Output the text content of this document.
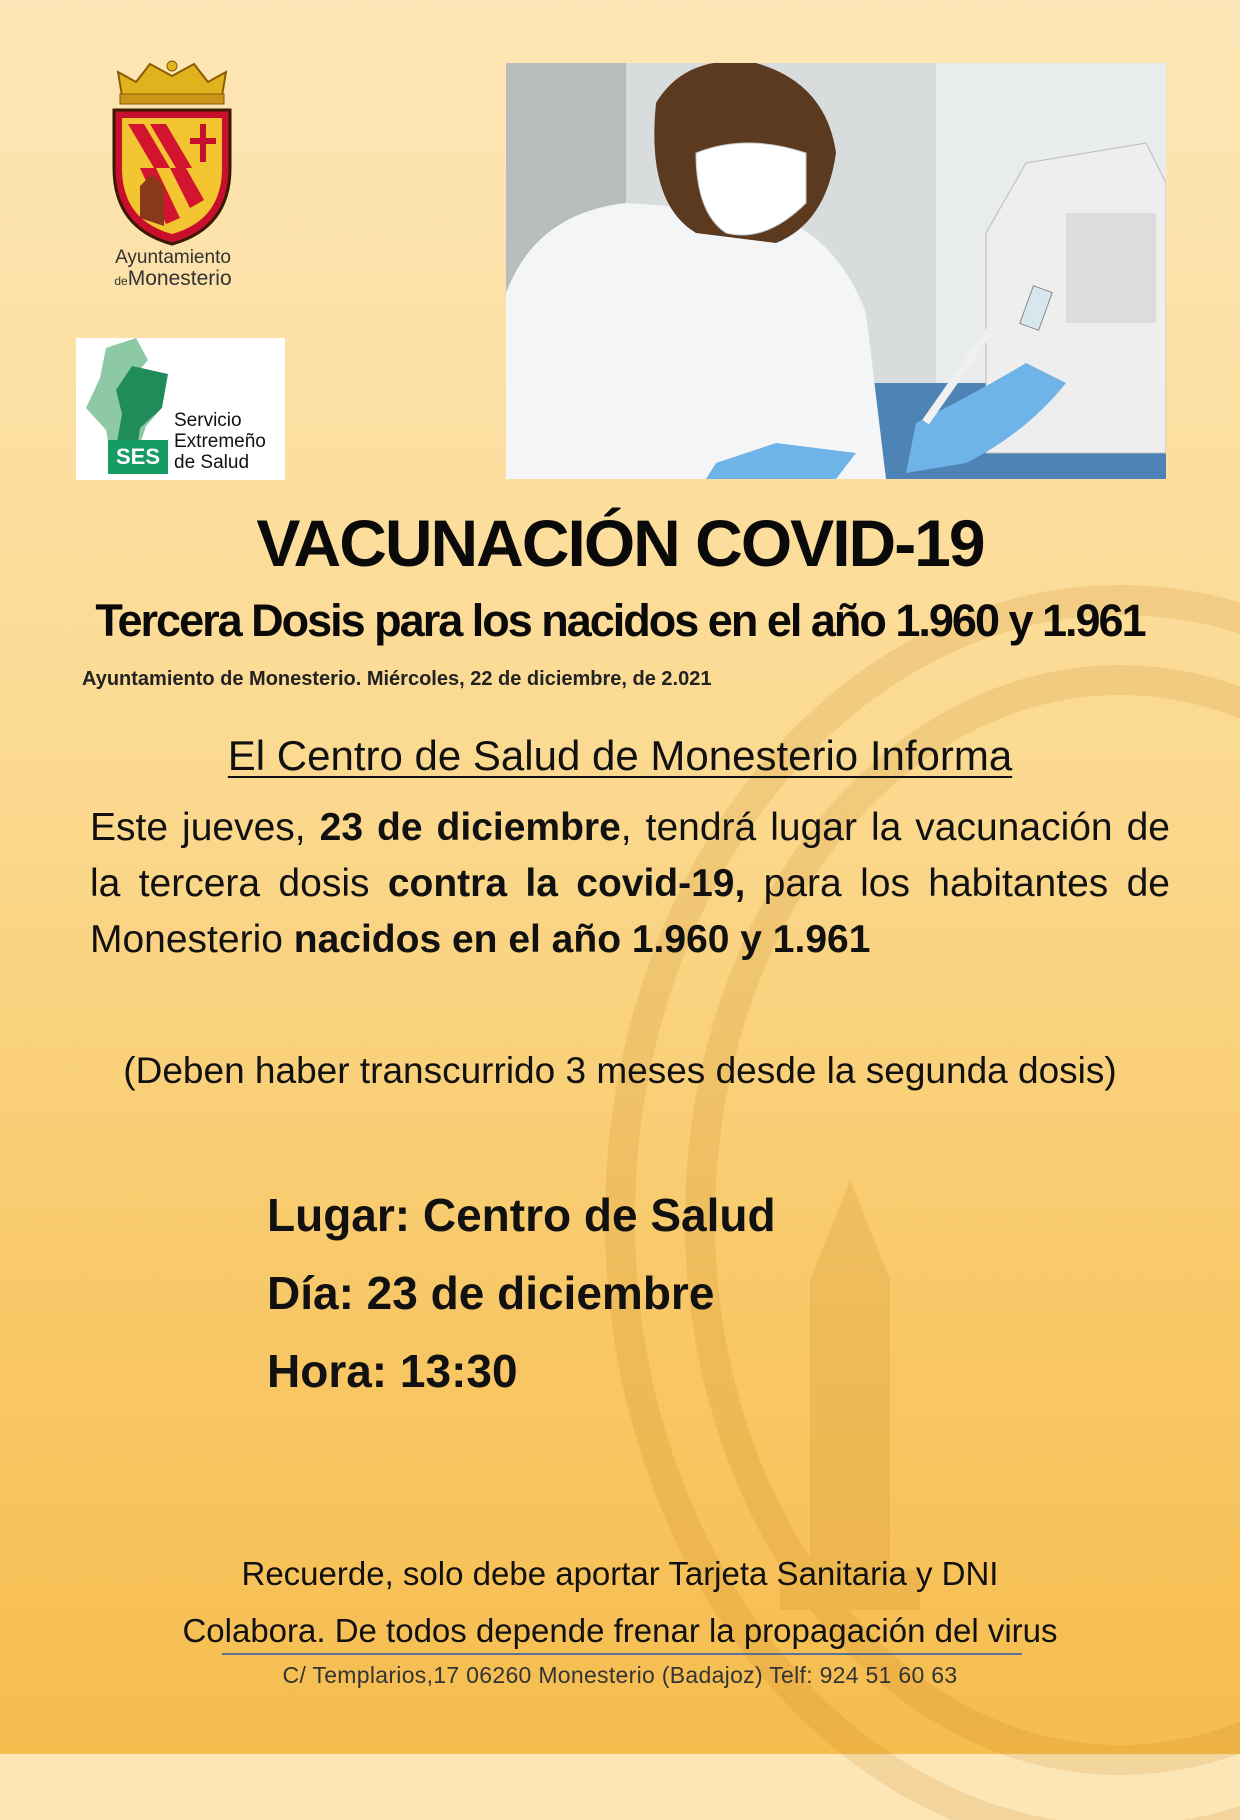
Ayuntamiento
deMonesterio
SES
Servicio
Extremeño
de Salud
VACUNACIÓN COVID-19
Tercera Dosis para los nacidos en el año 1.960 y 1.961
Ayuntamiento de Monesterio. Miércoles, 22 de diciembre, de 2.021
El Centro de Salud de Monesterio Informa
Este jueves, 23 de diciembre, tendrá lugar la vacunación de la tercera dosis contra la covid-19, para los habitantes de Monesterio nacidos en el año 1.960 y 1.961
(Deben haber transcurrido 3 meses desde la segunda dosis)
Lugar: Centro de Salud
Día: 23 de diciembre
Hora: 13:30
Recuerde, solo debe aportar Tarjeta Sanitaria y DNI
Colabora. De todos depende frenar la propagación del virus
C/ Templarios,17 06260 Monesterio (Badajoz) Telf: 924 51 60 63
